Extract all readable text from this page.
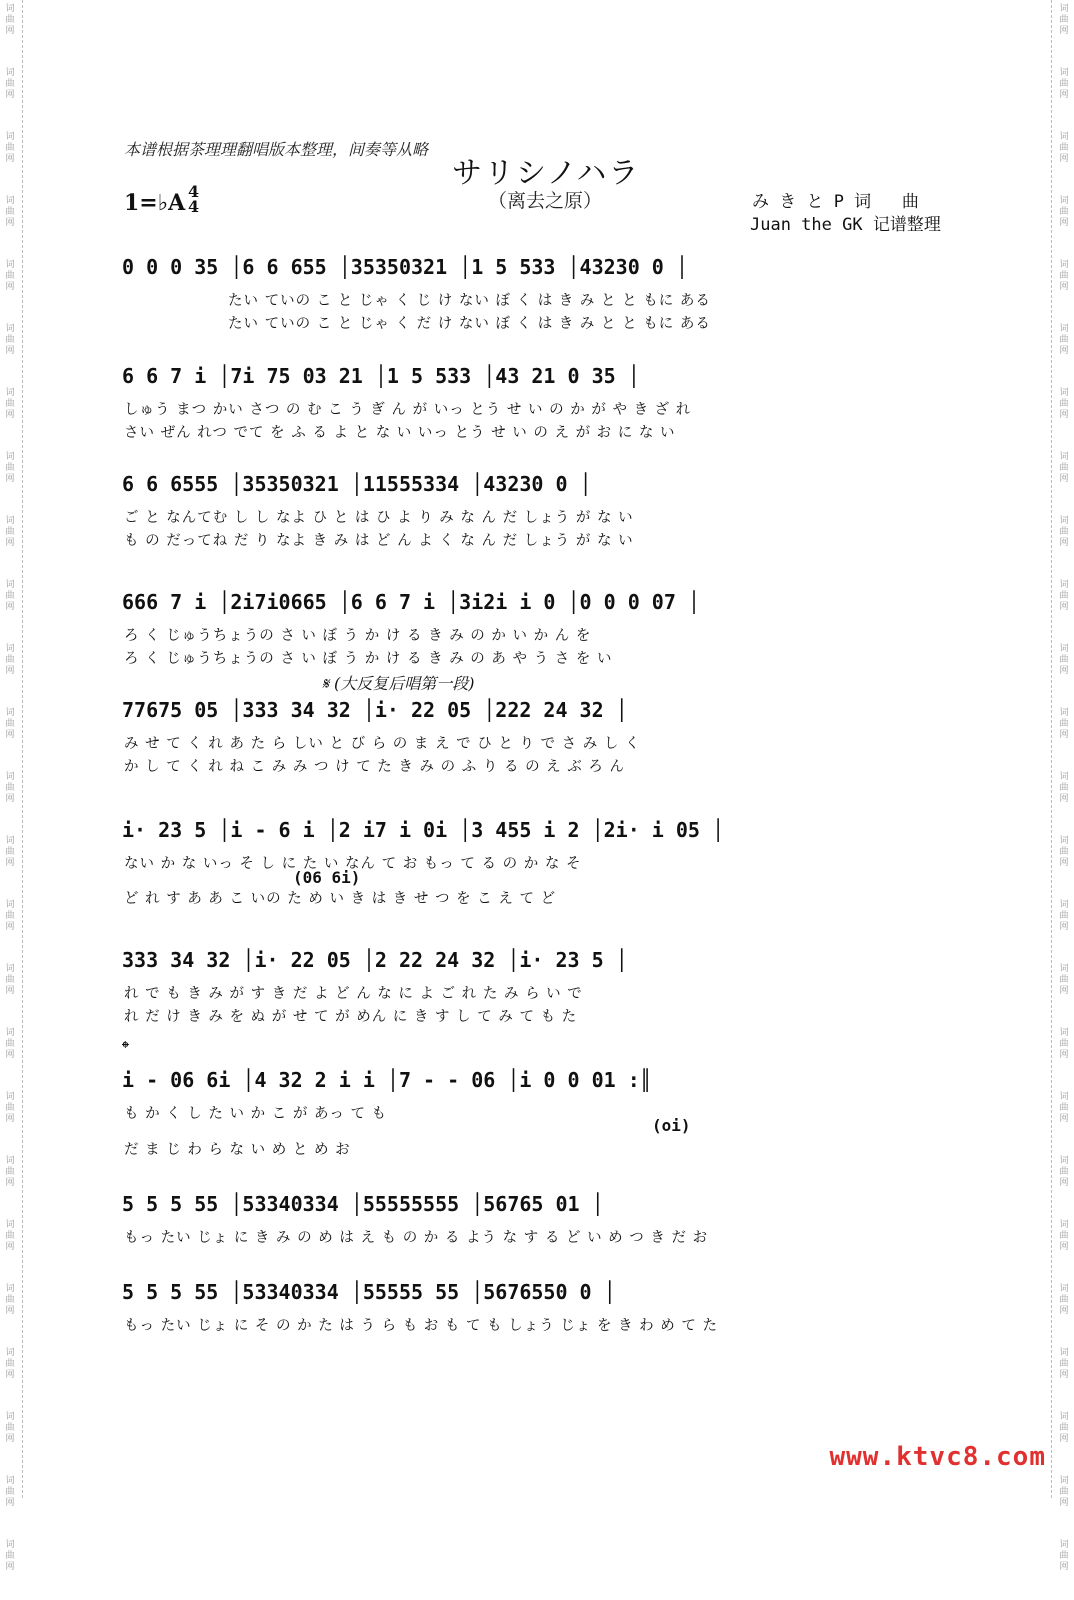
词
曲
网
词
曲
网
词
曲
网
词
曲
网
词
曲
网
词
曲
网
词
曲
网
词
曲
网
词
曲
网
词
曲
网
词
曲
网
词
曲
网
词
曲
网
词
曲
网
词
曲
网
词
曲
网
词
曲
网
词
曲
网
词
曲
网
词
曲
网
词
曲
网
词
曲
网
词
曲
网
词
曲
网
词
曲
网
词
曲
网
词
曲
网
词
曲
网
词
曲
网
词
曲
网
词
曲
网
词
曲
网
词
曲
网
词
曲
网
词
曲
网
词
曲
网
词
曲
网
词
曲
网
词
曲
网
词
曲
网
词
曲
网
词
曲
网
词
曲
网
词
曲
网
词
曲
网
词
曲
网
词
曲
网
词
曲
网
词
曲
网
词
曲
网
本谱根据茶理理翻唱版本整理，间奏等从略
サリシノハラ
（离去之原）
1=♭A 4
4	み き と P 词   曲
Juan the GK 记谱整理
0 0 0 35 │6 6 655 │35350321 │1 5 533 │43230 0 │
たい ていの こ と じゃ く じ け ない ぼ く は き み と と もに ある
たい ていの こ と じゃ く だ け ない ぼ く は き み と と もに ある
6 6 7 i │7i 75 03 21 │1 5 533 │43 21 0 35 │
しゅう まつ かい さつ の む こ う ぎ ん が いっ とう せ い の か が や き ざ れ
さい ぜん れつ でて を ふ る よ と な い いっ とう せ い の え が お に な い
6 6 6555 │35350321 │11555334 │43230 0 │
ご と なんてむ し し なよ ひ と は ひ よ り み な ん だ しょう が な い
も の だってね だ り なよ き み は ど ん よ く な ん だ しょう が な い
666 7 i │2i7i0665 │6 6 7 i │3i2i i 0 │0 0 0 07 │
ろ く じゅうちょうの さ い ぼ う か け る き み の か い か ん を
ろ く じゅうちょうの さ い ぼ う か け る き み の あ や う さ を い
𝄋 (大反复后唱第一段)
77675 05 │333 34 32 │i· 22 05 │222 24 32 │
み せ て く れ あ た ら しい と び ら の ま え で ひ と り で さ み し く
か し て く れ ね こ み み つ け て た き み の ふ り る の え ぶ ろ ん
i· 23 5 │i - 6 i │2 i7 i 0i │3 455 i 2 │2i· i 05 │
ない か な いっ そ し に た い なん て お もっ て る の か な そ
(06 6i)
ど れ す あ あ こ いの た め い き は き せ つ を こ え て ど
333 34 32 │i· 22 05 │2 22 24 32 │i· 23 5 │
れ で も き み が す き だ よ ど ん な に よ ご れ た み ら い で
れ だ け き み を ぬ が せ て が めん に き す し て み て も た
𝄌
i - 06 6i │4 32 2 i i │7 - - 06 │i 0 0 01 :║
も か く し た い か こ が あっ て も
(oi)
だ ま じ わ ら な い め と め お
5 5 5 55 │53340334 │55555555 │56765 01 │
もっ たい じょ に き み の め は え も の か る よう な す る ど い め つ き だ お
5 5 5 55 │53340334 │55555 55 │5676550 0 │
もっ たい じょ に そ の か た は う ら も お も て も しょう じょ を き わ め て た
www.ktvc8.com
